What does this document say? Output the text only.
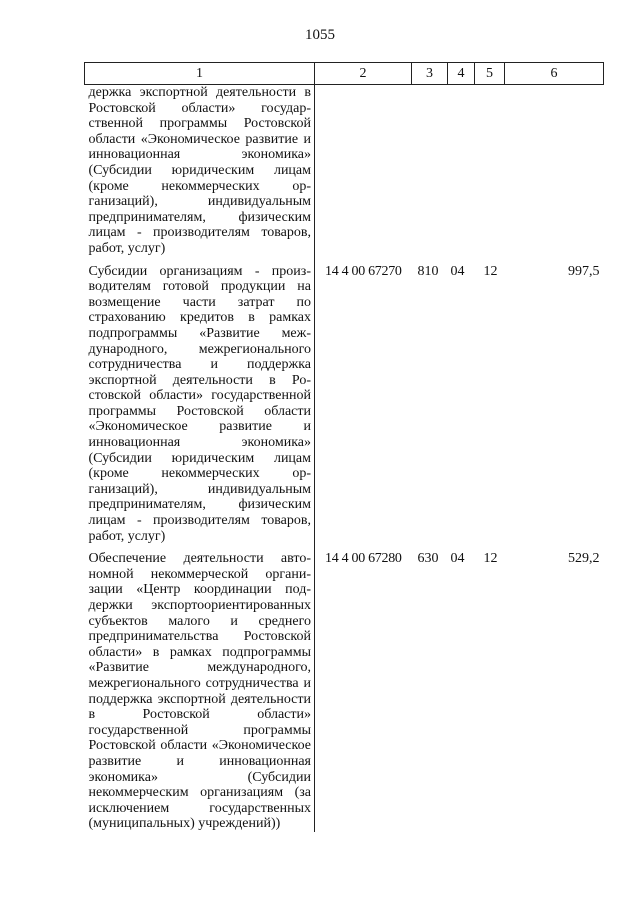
1055
1	2	3	4	5	6
держка экспортной деятельности в Ростовской области» государственной программы Ростовской области «Экономическое развитие и инновационная экономика» (Субсидии юридическим лицам (кроме некоммерческих организаций), индивидуальным предпринимателям, физическим лицам - производителям товаров, работ, услуг)					
Субсидии организациям - производителям готовой продукции на возмещение части затрат по страхованию кредитов в рамках подпрограммы «Развитие международного, межрегионального сотрудничества и поддержка экспортной деятельности в Ростовской области» государственной программы Ростовской области «Экономическое развитие и инновационная экономика» (Субсидии юридическим лицам (кроме некоммерческих организаций), индивидуальным предпринимателям, физическим лицам - производителям товаров, работ, услуг)	14 4 00 67270	810	04	12	997,5
Обеспечение деятельности автономной некоммерческой организации «Центр координации поддержки экспортоориентированных субъектов малого и среднего предпринимательства Ростовской области» в рамках подпрограммы «Развитие международного, межрегионального сотрудничества и поддержка экспортной деятельности в Ростовской области» государственной программы Ростовской области «Экономическое развитие и инновационная экономика» (Субсидии некоммерческим организациям (за исключением государственных (муниципальных) учреждений))	14 4 00 67280	630	04	12	529,2
